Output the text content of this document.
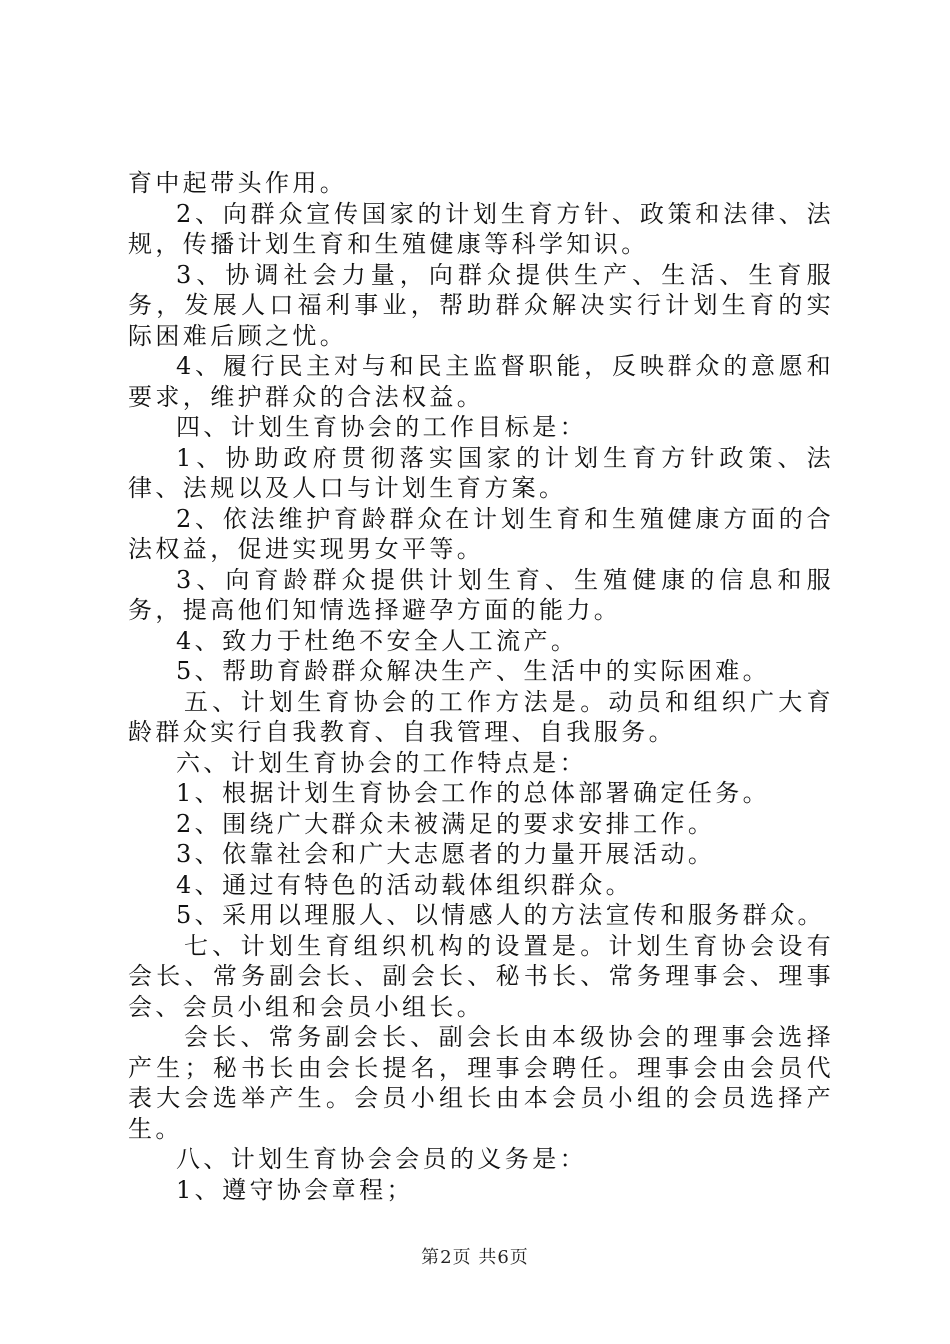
育中起带头作用。

2、向群众宣传国家的计划生育方针、政策和法律、法规，传播计划生育和生殖健康等科学知识。

3、协调社会力量，向群众提供生产、生活、生育服务，发展人口福利事业，帮助群众解决实行计划生育的实际困难后顾之忧。

4、履行民主对与和民主监督职能，反映群众的意愿和要求，维护群众的合法权益。

四、计划生育协会的工作目标是：

1、协助政府贯彻落实国家的计划生育方针政策、法律、法规以及人口与计划生育方案。

2、依法维护育龄群众在计划生育和生殖健康方面的合法权益，促进实现男女平等。

3、向育龄群众提供计划生育、生殖健康的信息和服务，提高他们知情选择避孕方面的能力。

4、致力于杜绝不安全人工流产。

5、帮助育龄群众解决生产、生活中的实际困难。

五、计划生育协会的工作方法是。动员和组织广大育龄群众实行自我教育、自我管理、自我服务。

六、计划生育协会的工作特点是：

1、根据计划生育协会工作的总体部署确定任务。

2、围绕广大群众未被满足的要求安排工作。

3、依靠社会和广大志愿者的力量开展活动。

4、通过有特色的活动载体组织群众。

5、采用以理服人、以情感人的方法宣传和服务群众。

七、计划生育组织机构的设置是。计划生育协会设有会长、常务副会长、副会长、秘书长、常务理事会、理事会、会员小组和会员小组长。

会长、常务副会长、副会长由本级协会的理事会选择产生；秘书长由会长提名，理事会聘任。理事会由会员代表大会选举产生。会员小组长由本会员小组的会员选择产生。

八、计划生育协会会员的义务是：

1、遵守协会章程；

第2页 共6页
